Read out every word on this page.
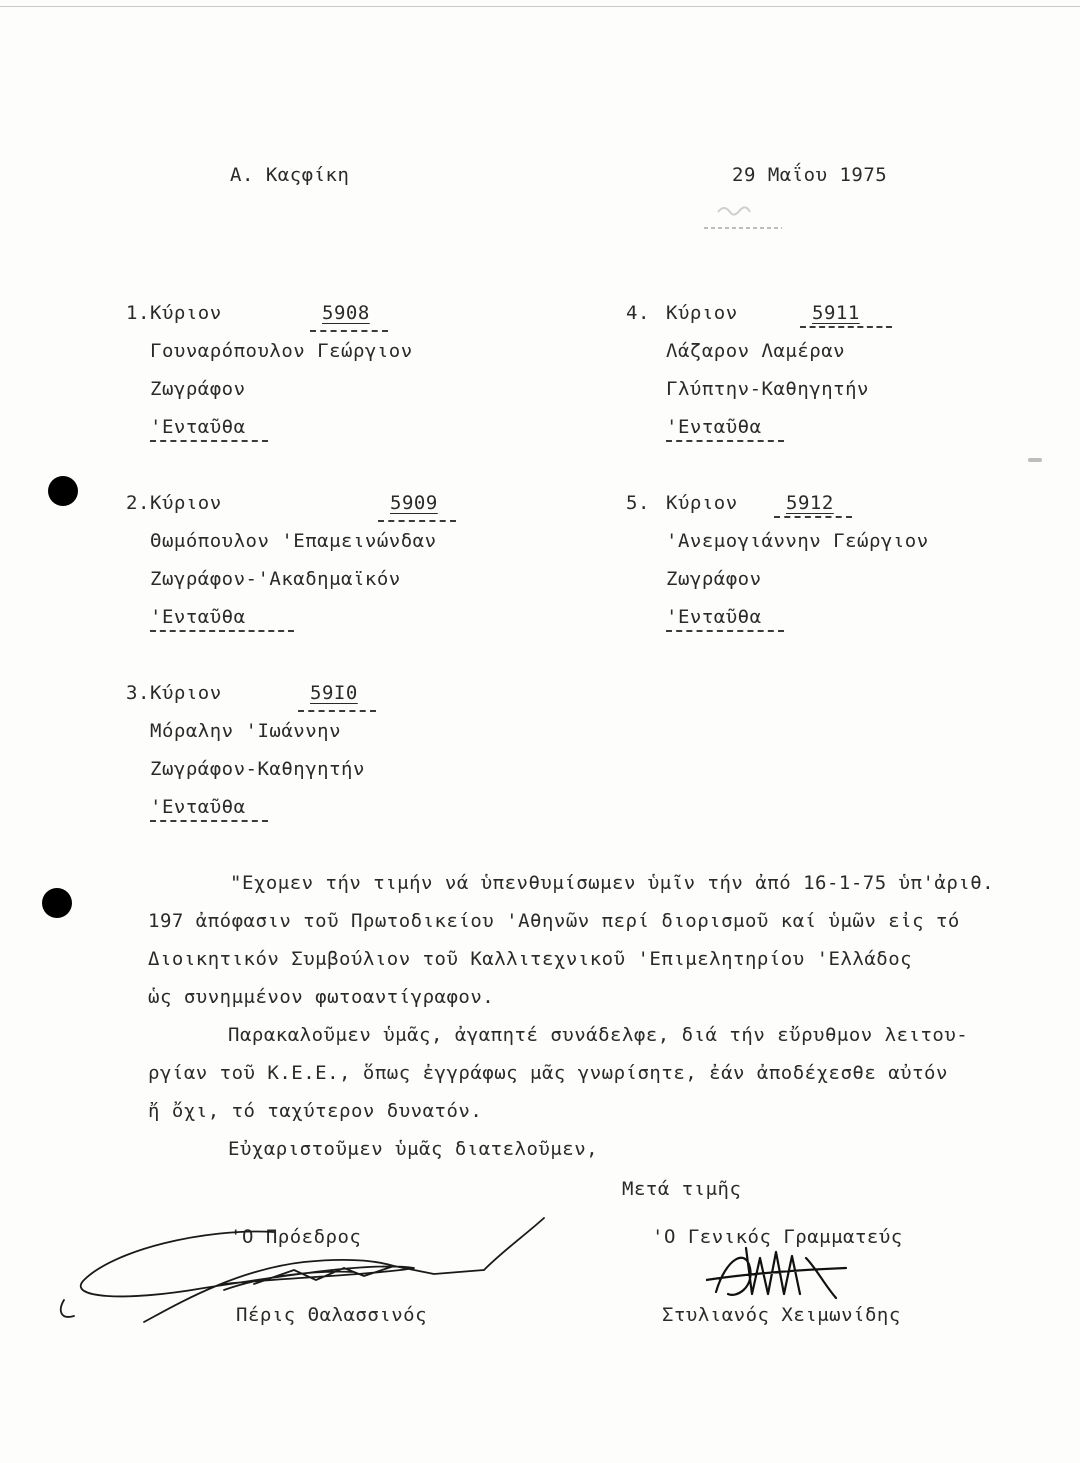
Α. Καςφίκη	29 Μαΐου 1975
1. Κύριον	5908
Γουναρόπουλον Γεώργιον
Ζωγράφον
'Ενταῦθα
2. Κύριον	5909
Θωμόπουλον 'Επαμεινώνδαν
Ζωγράφον-'Ακαδημαϊκόν
'Ενταῦθα
3. Κύριον	59Ι0
Μόραλην 'Ιωάννην
Ζωγράφον-Καθηγητήν
'Ενταῦθα
4. Κύριον	5911
Λάζαρον Λαμέραν
Γλύπτην-Καθηγητήν
'Ενταῦθα
5. Κύριον	5912
'Ανεμογιάννην Γεώργιον
Ζωγράφον
'Ενταῦθα
"Εχομεν τήν τιμήν νά ὑπενθυμίσωμεν ὑμῖν τήν ἀπό 16-1-75 ὑπ'ἀριθ.
197 ἀπόφασιν τοῦ Πρωτοδικείου 'Αθηνῶν περί διορισμοῦ καί ὑμῶν εἰς τό
Διοικητικόν Συμβούλιον τοῦ Καλλιτεχνικοῦ 'Επιμελητηρίου 'Ελλάδος
ὡς συνημμένον φωτοαντίγραφον.
Παρακαλοῦμεν ὑμᾶς, ἀγαπητέ συνάδελφε, διά τήν εὔρυθμον λειτου-
ργίαν τοῦ Κ.Ε.Ε., ὅπως ἐγγράφως μᾶς γνωρίσητε, ἐάν ἀποδέχεσθε αὐτόν
ἤ ὄχι, τό ταχύτερον δυνατόν.
Εὐχαριστοῦμεν ὑμᾶς διατελοῦμεν,
Μετά τιμῆς
'Ο Πρόεδρος	'Ο Γενικός Γραμματεύς
Πέρις Θαλασσινός	Στυλιανός Χειμωνίδης
